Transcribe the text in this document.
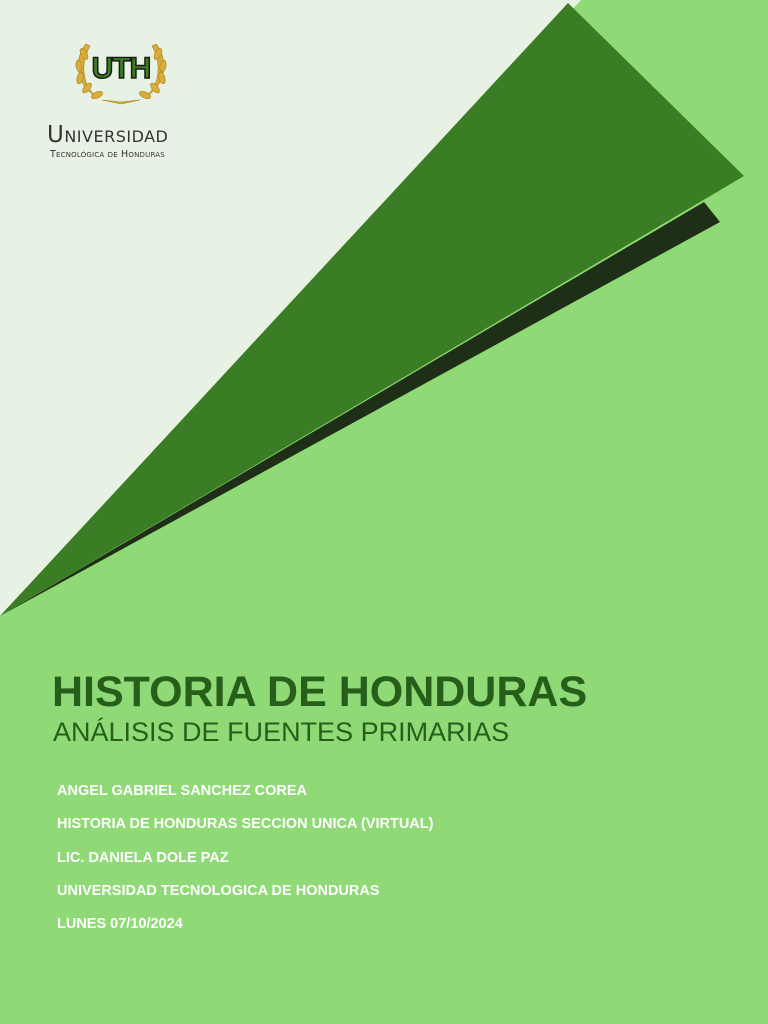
UTH
Universidad
Tecnológica de Honduras
HISTORIA DE HONDURAS
ANÁLISIS DE FUENTES PRIMARIAS
ANGEL GABRIEL SANCHEZ COREA
HISTORIA DE HONDURAS SECCION UNICA (VIRTUAL)
LIC. DANIELA DOLE PAZ
UNIVERSIDAD TECNOLOGICA DE HONDURAS
LUNES 07/10/2024
